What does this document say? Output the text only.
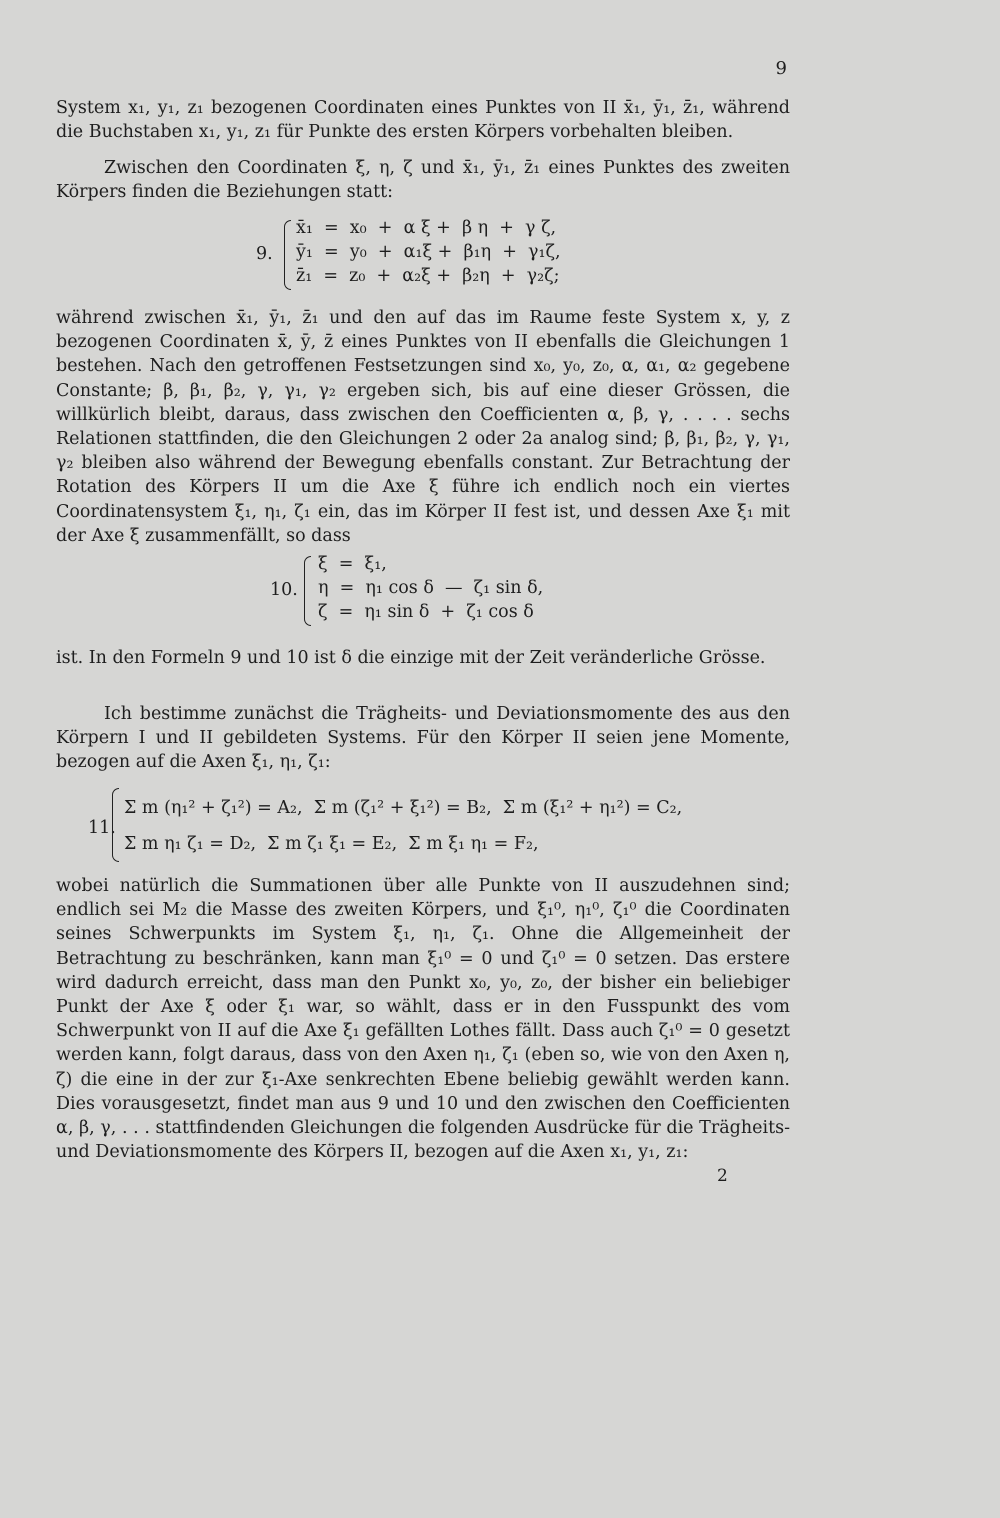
9
System x₁, y₁, z₁ bezogenen Coordinaten eines Punktes von II x̄₁, ȳ₁, z̄₁, während die Buchstaben x₁, y₁, z₁ für Punkte des ersten Körpers vorbehalten bleiben.
Zwischen den Coordinaten ξ, η, ζ und x̄₁, ȳ₁, z̄₁ eines Punktes des zweiten Körpers finden die Beziehungen statt:
9.
x̄₁  =  x₀  +  α ξ +  β η  +  γ ζ,
ȳ₁  =  y₀  +  α₁ξ +  β₁η  +  γ₁ζ,
z̄₁  =  z₀  +  α₂ξ +  β₂η  +  γ₂ζ;
während zwischen x̄₁, ȳ₁, z̄₁ und den auf das im Raume feste System x, y, z bezogenen Coordinaten x̄, ȳ, z̄ eines Punktes von II ebenfalls die Gleichungen 1 bestehen. Nach den getroffenen Festsetzungen sind x₀, y₀, z₀, α, α₁, α₂ gegebene Constante; β, β₁, β₂, γ, γ₁, γ₂ ergeben sich, bis auf eine dieser Grössen, die willkürlich bleibt, daraus, dass zwischen den Coefficienten α, β, γ, . . . . sechs Relationen stattfinden, die den Gleichungen 2 oder 2a analog sind; β, β₁, β₂, γ, γ₁, γ₂ bleiben also während der Bewegung ebenfalls constant. Zur Betrachtung der Rotation des Körpers II um die Axe ξ führe ich endlich noch ein viertes Coordinatensystem ξ₁, η₁, ζ₁ ein, das im Körper II fest ist, und dessen Axe ξ₁ mit der Axe ξ zusammenfällt, so dass
10.
ξ  =  ξ₁,
η  =  η₁ cos δ  —  ζ₁ sin δ,
ζ  =  η₁ sin δ  +  ζ₁ cos δ
ist. In den Formeln 9 und 10 ist δ die einzige mit der Zeit veränderliche Grösse.
Ich bestimme zunächst die Trägheits- und Deviationsmomente des aus den Körpern I und II gebildeten Systems. Für den Körper II seien jene Momente, bezogen auf die Axen ξ₁, η₁, ζ₁:
11.
Σ m (η₁² + ζ₁²) = A₂,  Σ m (ζ₁² + ξ₁²) = B₂,  Σ m (ξ₁² + η₁²) = C₂,
Σ m η₁ ζ₁ = D₂,  Σ m ζ₁ ξ₁ = E₂,  Σ m ξ₁ η₁ = F₂,
wobei natürlich die Summationen über alle Punkte von II auszudehnen sind; endlich sei M₂ die Masse des zweiten Körpers, und ξ₁⁰, η₁⁰, ζ₁⁰ die Coordinaten seines Schwerpunkts im System ξ₁, η₁, ζ₁. Ohne die Allgemeinheit der Betrachtung zu beschränken, kann man ξ₁⁰ = 0 und ζ₁⁰ = 0 setzen. Das erstere wird dadurch erreicht, dass man den Punkt x₀, y₀, z₀, der bisher ein beliebiger Punkt der Axe ξ oder ξ₁ war, so wählt, dass er in den Fusspunkt des vom Schwerpunkt von II auf die Axe ξ₁ gefällten Lothes fällt. Dass auch ζ₁⁰ = 0 gesetzt werden kann, folgt daraus, dass von den Axen η₁, ζ₁ (eben so, wie von den Axen η, ζ) die eine in der zur ξ₁-Axe senkrechten Ebene beliebig gewählt werden kann. Dies vorausgesetzt, findet man aus 9 und 10 und den zwischen den Coefficienten α, β, γ, . . . stattfindenden Gleichungen die folgenden Ausdrücke für die Trägheits- und Deviationsmomente des Körpers II, bezogen auf die Axen x₁, y₁, z₁:
2
